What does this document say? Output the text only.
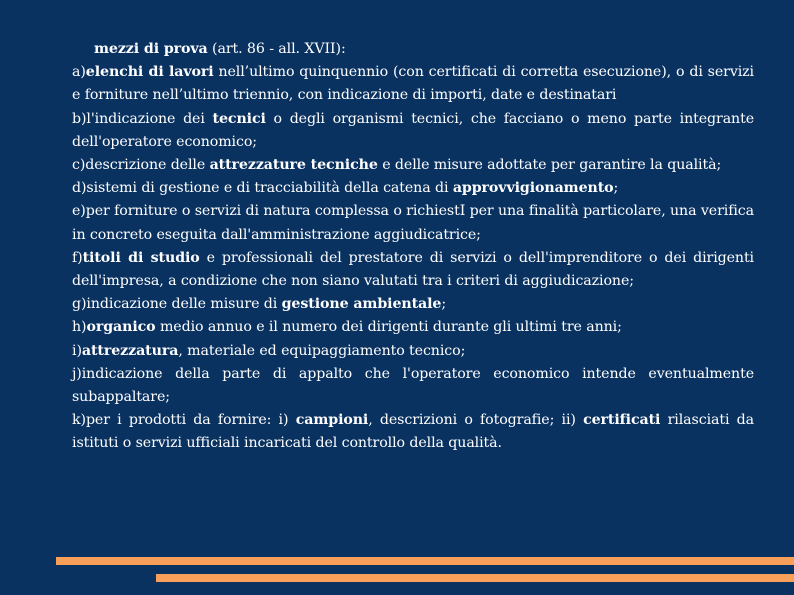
mezzi di prova (art. 86 - all. XVII):

a)elenchi di lavori nell’ultimo quinquennio (con certificati di corretta esecuzione), o di servizi e forniture nell’ultimo triennio, con indicazione di importi, date e destinatari

b)l'indicazione dei tecnici o degli organismi tecnici, che facciano o meno parte integrante dell'operatore economico;

c)descrizione delle attrezzature tecniche e delle misure adottate per garantire la qualità;

d)sistemi di gestione e di tracciabilità della catena di approvvigionamento;

e)per forniture o servizi di natura complessa o richiestI per una finalità particolare, una verifica in concreto eseguita dall'amministrazione aggiudicatrice;

f)titoli di studio e professionali del prestatore di servizi o dell'imprenditore o dei dirigenti dell'impresa, a condizione che non siano valutati tra i criteri di aggiudicazione;

g)indicazione delle misure di gestione ambientale;

h)organico medio annuo e il numero dei dirigenti durante gli ultimi tre anni;

i)attrezzatura, materiale ed equipaggiamento tecnico;

j)indicazione della parte di appalto che l'operatore economico intende eventualmente subappaltare;

k)per i prodotti da fornire: i) campioni, descrizioni o fotografie; ii) certificati rilasciati da istituti o servizi ufficiali incaricati del controllo della qualità.
